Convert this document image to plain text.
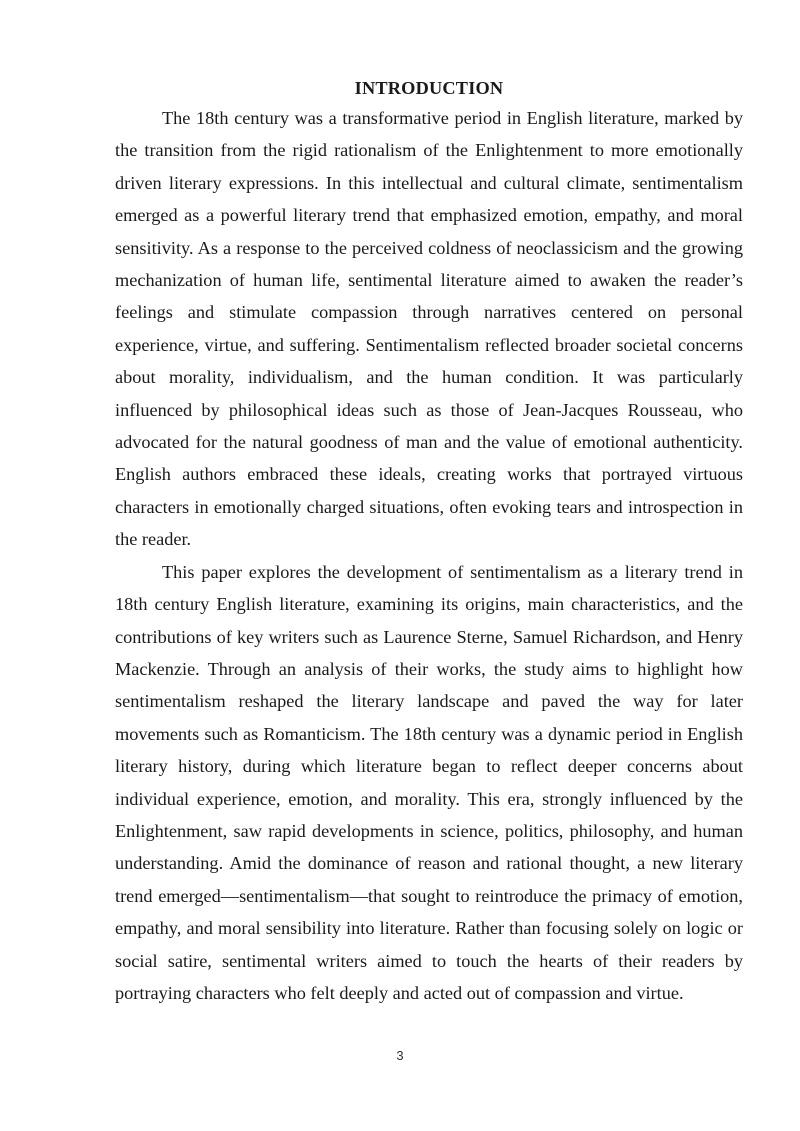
INTRODUCTION

The 18th century was a transformative period in English literature, marked by the transition from the rigid rationalism of the Enlightenment to more emotionally driven literary expressions. In this intellectual and cultural climate, sentimentalism emerged as a powerful literary trend that emphasized emotion, empathy, and moral sensitivity. As a response to the perceived coldness of neoclassicism and the growing mechanization of human life, sentimental literature aimed to awaken the reader’s feelings and stimulate compassion through narratives centered on personal experience, virtue, and suffering. Sentimentalism reflected broader societal concerns about morality, individualism, and the human condition. It was particularly influenced by philosophical ideas such as those of Jean-Jacques Rousseau, who advocated for the natural goodness of man and the value of emotional authenticity. English authors embraced these ideals, creating works that portrayed virtuous characters in emotionally charged situations, often evoking tears and introspection in the reader.

This paper explores the development of sentimentalism as a literary trend in 18th century English literature, examining its origins, main characteristics, and the contributions of key writers such as Laurence Sterne, Samuel Richardson, and Henry Mackenzie. Through an analysis of their works, the study aims to highlight how sentimentalism reshaped the literary landscape and paved the way for later movements such as Romanticism. The 18th century was a dynamic period in English literary history, during which literature began to reflect deeper concerns about individual experience, emotion, and morality. This era, strongly influenced by the Enlightenment, saw rapid developments in science, politics, philosophy, and human understanding. Amid the dominance of reason and rational thought, a new literary trend emerged—sentimentalism—that sought to reintroduce the primacy of emotion, empathy, and moral sensibility into literature. Rather than focusing solely on logic or social satire, sentimental writers aimed to touch the hearts of their readers by portraying characters who felt deeply and acted out of compassion and virtue.

3
